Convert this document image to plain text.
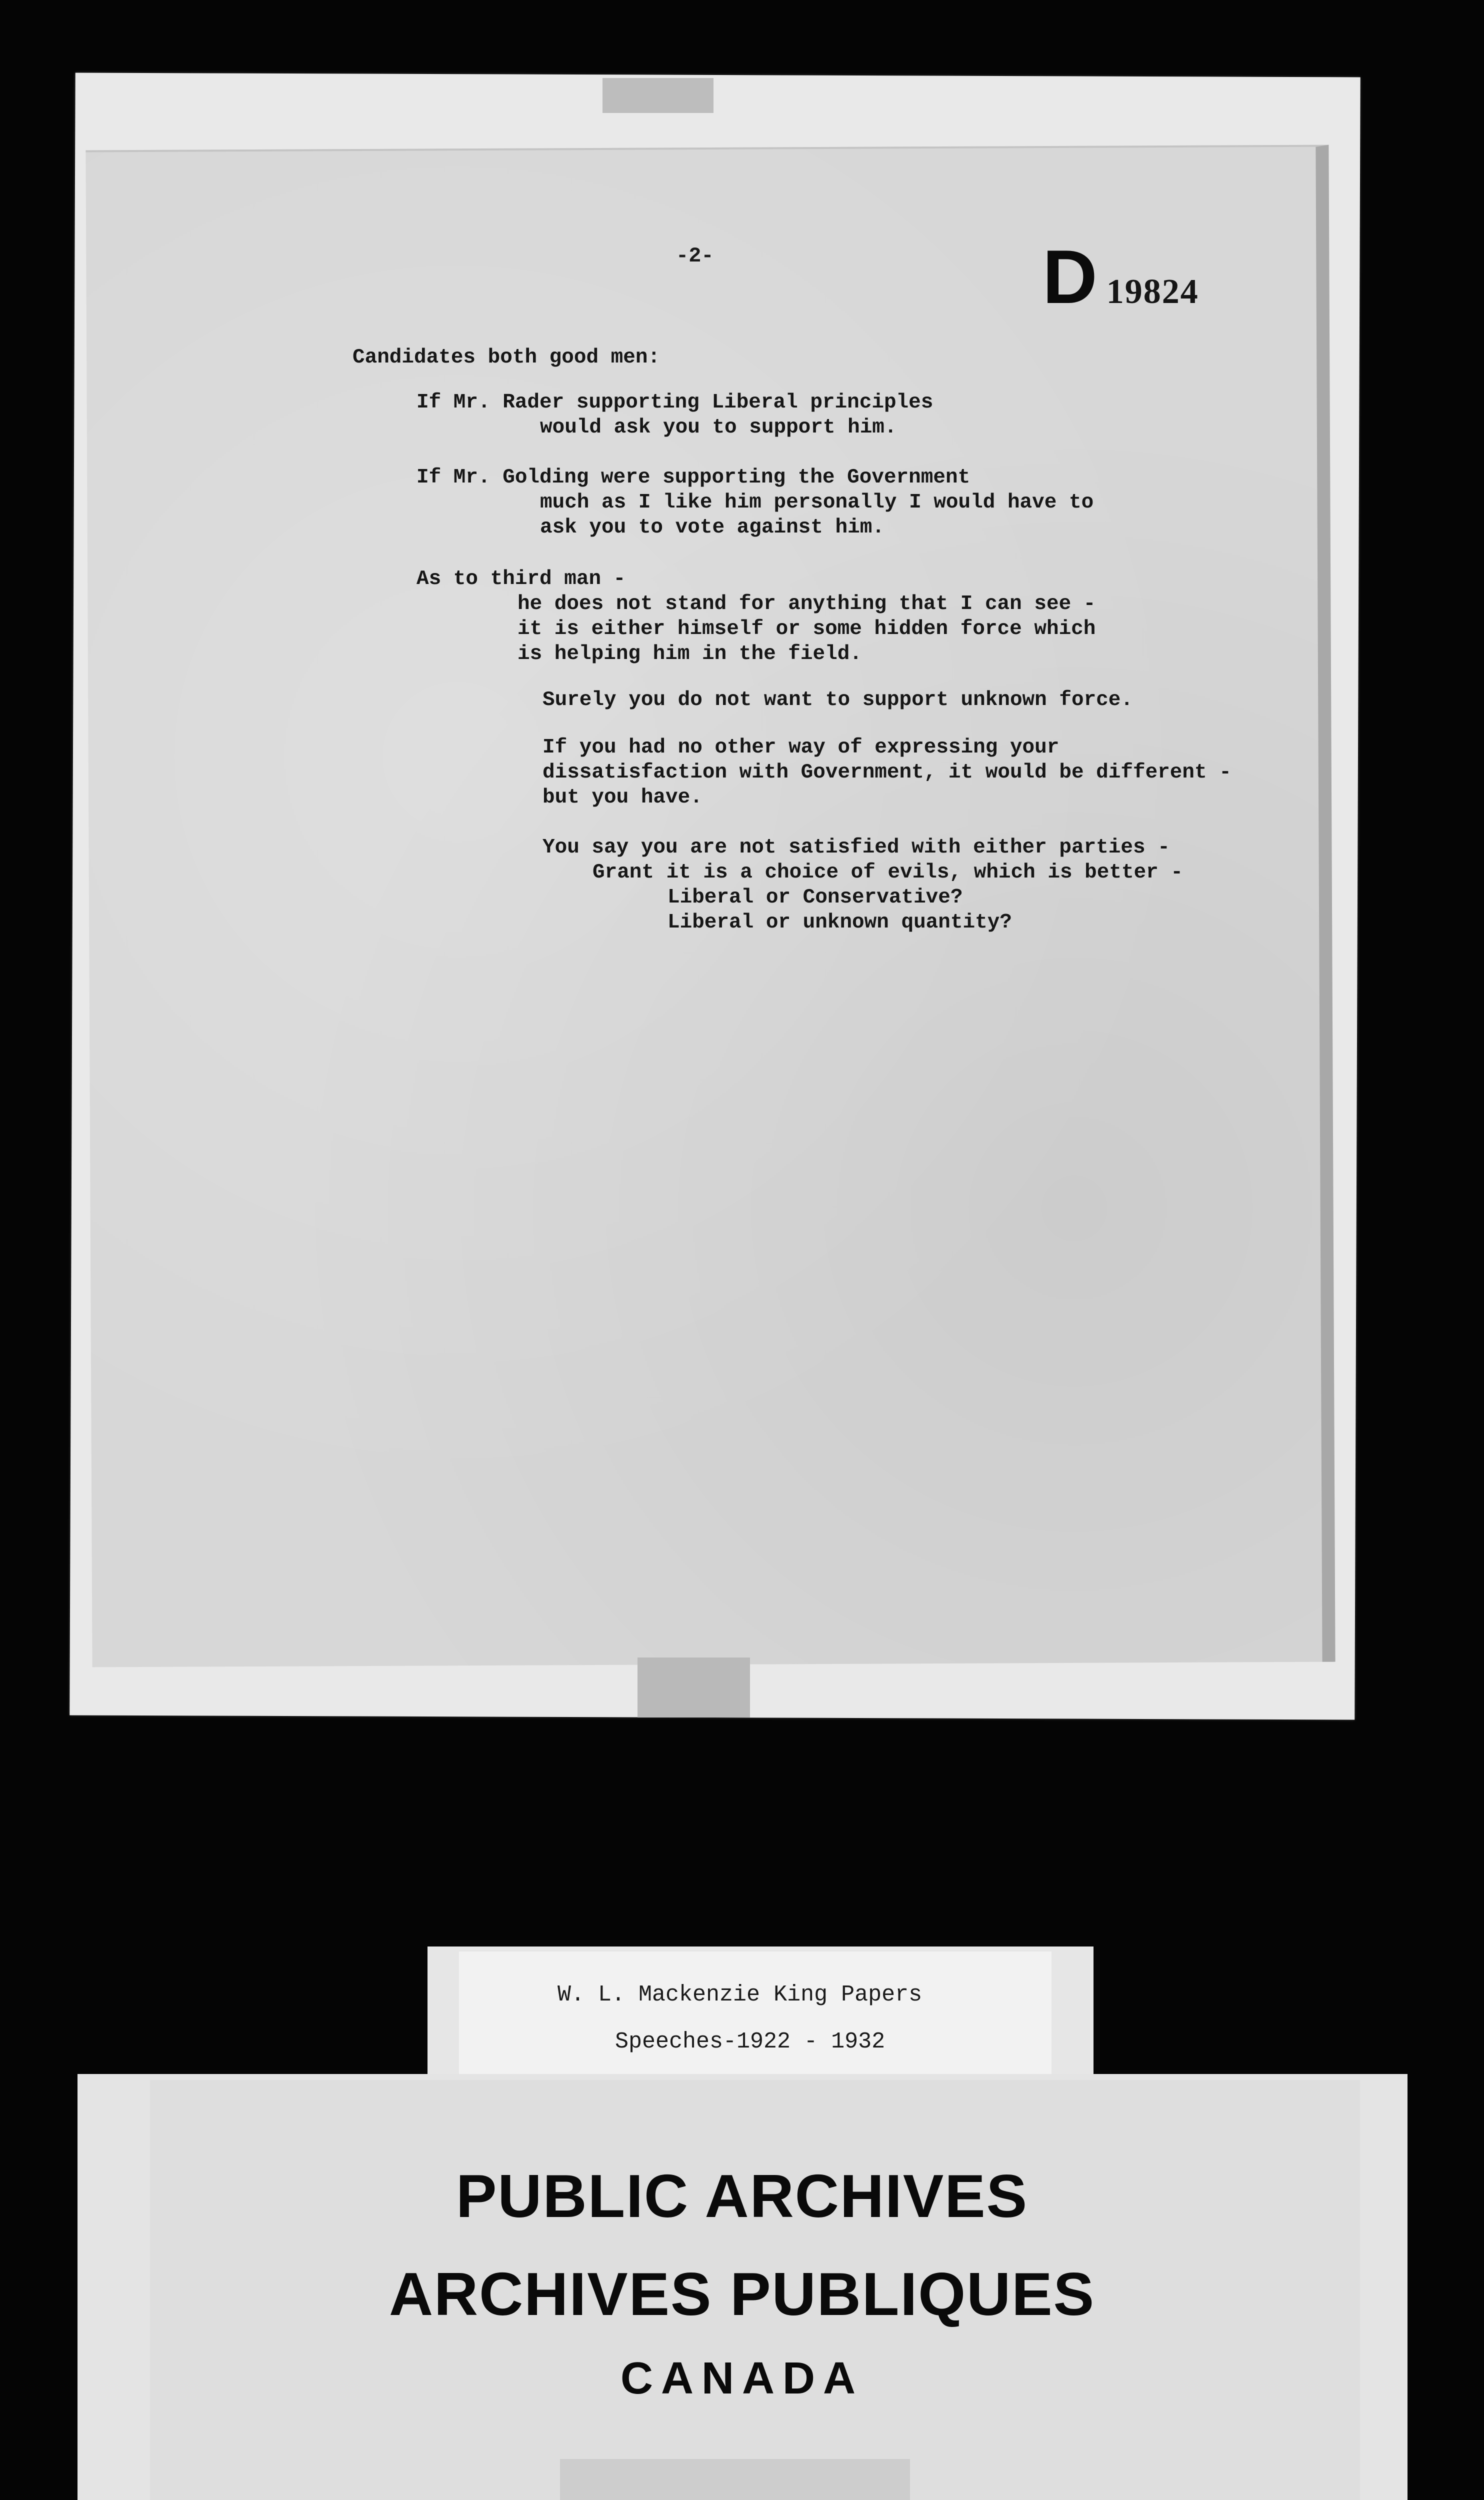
-2-	D 19824
Candidates both good men:
If Mr. Rader supporting Liberal principles
would ask you to support him.
If Mr. Golding were supporting the Government
much as I like him personally I would have to
ask you to vote against him.
As to third man -
he does not stand for anything that I can see -
it is either himself or some hidden force which
is helping him in the field.
Surely you do not want to support unknown force.
If you had no other way of expressing your
dissatisfaction with Government, it would be different -
but you have.
You say you are not satisfied with either parties -
Grant it is a choice of evils, which is better -
Liberal or Conservative?
Liberal or unknown quantity?
W. L. Mackenzie King Papers
Speeches-1922 - 1932
PUBLIC ARCHIVES
ARCHIVES PUBLIQUES
CANADA
